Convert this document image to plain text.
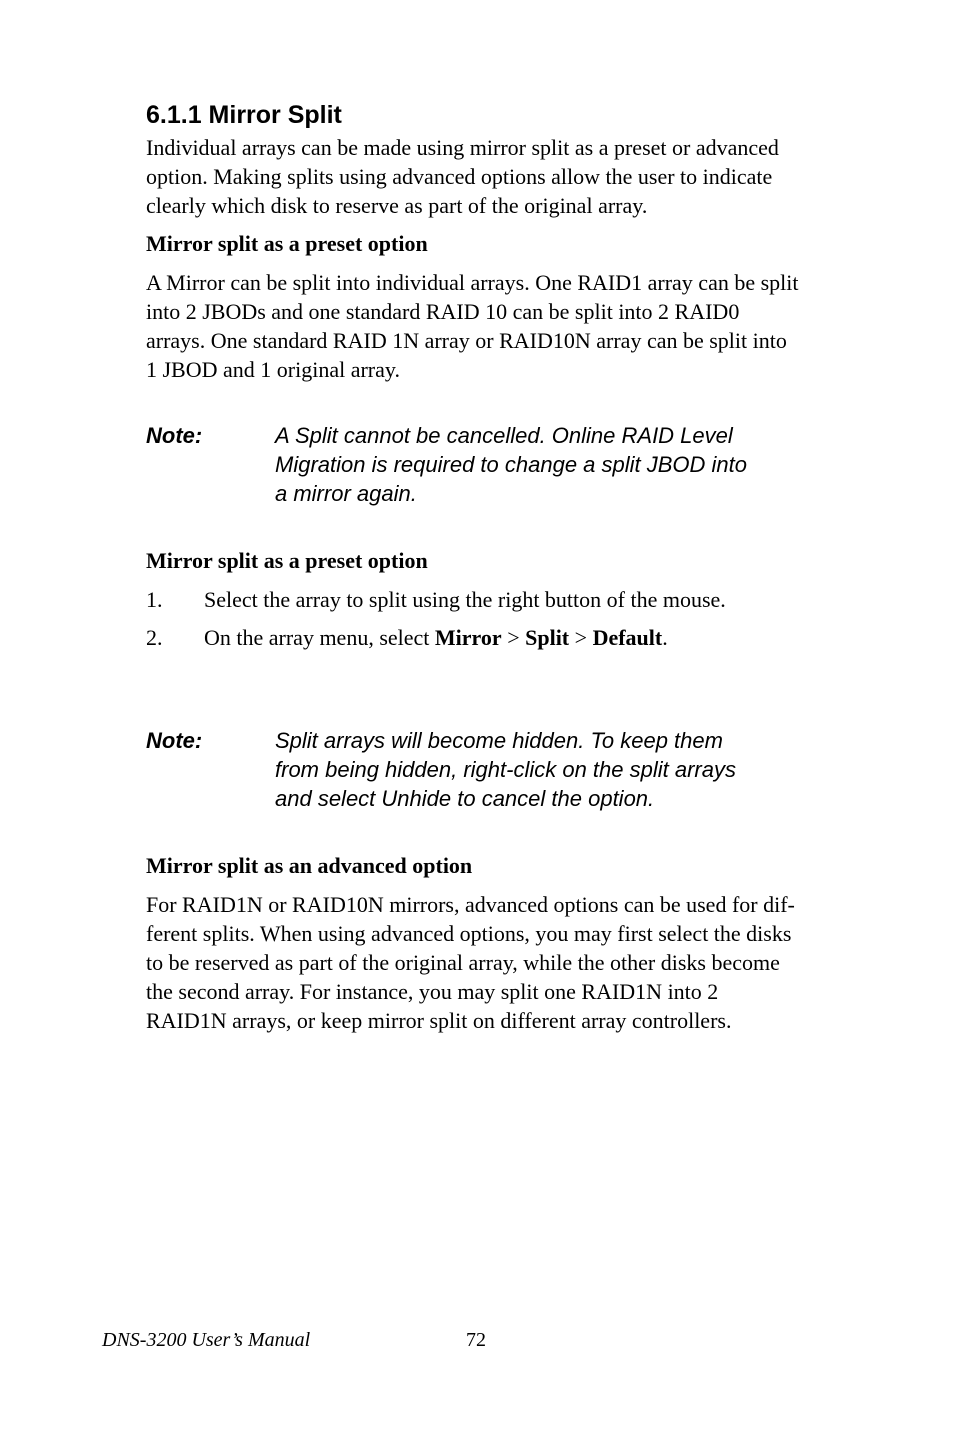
6.1.1 Mirror Split
Individual arrays can be made using mirror split as a preset or advanced
option. Making splits using advanced options allow the user to indicate
clearly which disk to reserve as part of the original array.
Mirror split as a preset option
A Mirror can be split into individual arrays. One RAID1 array can be split
into 2 JBODs and one standard RAID 10 can be split into 2 RAID0
arrays. One standard RAID 1N array or RAID10N array can be split into
1 JBOD and 1 original array.
Note:	A Split cannot be cancelled. Online RAID Level
Migration is required to change a split JBOD into
a mirror again.
Mirror split as a preset option
1. Select the array to split using the right button of the mouse.
2. On the array menu, select Mirror > Split > Default.
Note:	Split arrays will become hidden. To keep them
from being hidden, right-click on the split arrays
and select Unhide to cancel the option.
Mirror split as an advanced option
For RAID1N or RAID10N mirrors, advanced options can be used for dif-
ferent splits. When using advanced options, you may first select the disks
to be reserved as part of the original array, while the other disks become
the second array. For instance, you may split one RAID1N into 2
RAID1N arrays, or keep mirror split on different array controllers.
DNS-3200 User’s Manual	72
